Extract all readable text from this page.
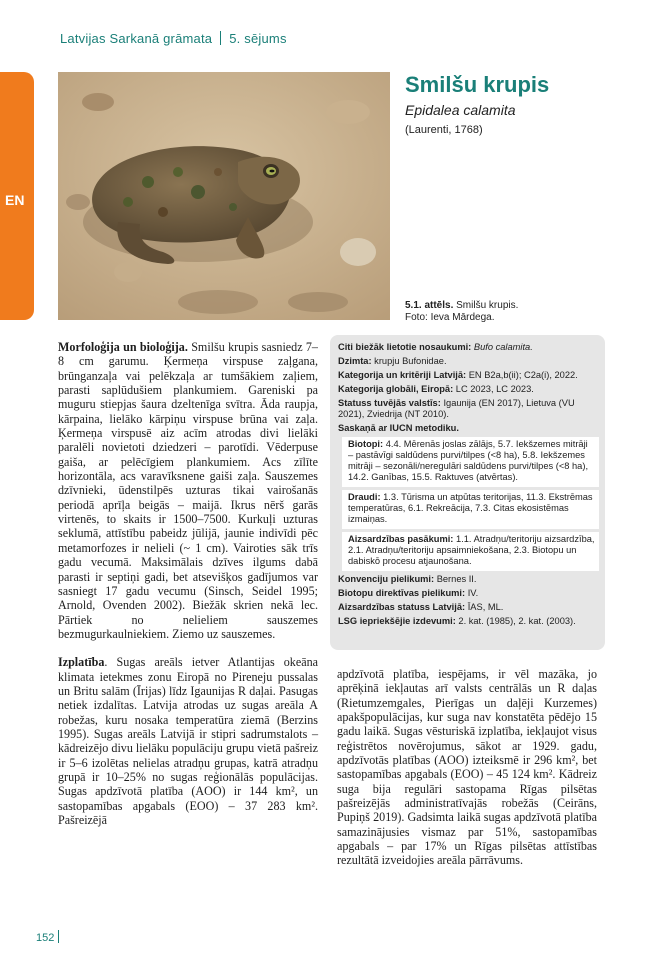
Latvijas Sarkanā grāmata 5. sējums
EN
Smilšu krupis
Epidalea calamita
(Laurenti, 1768)
5.1. attēls. Smilšu krupis.
Foto: Ieva Mārdega.

Morfoloģija un bioloģija. Smilšu krupis sasniedz 7–8 cm garumu. Ķermeņa virspuse zaļgana, brūnganzaļa vai pelēkzaļa ar tumšākiem zaļiem, parasti saplūdušiem plankumiem. Gareniski pa muguru stiepjas šaura dzeltenīga svītra. Āda raupja, kārpaina, lielāko kārpiņu virspuse brūna vai zaļa. Ķermeņa virspusē aiz acīm atrodas divi lielāki paralēli novietoti dziedzeri – parotīdi. Vēderpuse gaiša, ar pelēcīgiem plankumiem. Acs zīlīte horizontāla, acs varavīksnene gaiši zaļa. Sauszemes dzīvnieki, ūdenstilpēs uzturas tikai vairošanās periodā aprīļa beigās – maijā. Ikrus nērš garās virtenēs, to skaits ir 1500–7500. Kurkuļi uzturas seklumā, attīstību pabeidz jūlijā, jaunie indivīdi pēc metamorfozes ir nelieli (~ 1 cm). Vairoties sāk trīs gadu vecumā. Maksimālais dzīves ilgums dabā parasti ir septiņi gadi, bet atsevišķos gadījumos var sasniegt 17 gadu vecumu (Sinsch, Seidel 1995; Arnold, Ovenden 2002). Biežāk skrien nekā lec. Pārtiek no nelieliem sauszemes bezmugurkaulniekiem. Ziemo uz sauszemes.

Izplatība. Sugas areāls ietver Atlantijas okeāna klimata ietekmes zonu Eiropā no Pireneju pussalas un Britu salām (Īrijas) līdz Igaunijas R daļai. Pasugas netiek izdalītas. Latvija atrodas uz sugas areāla A robežas, kuru nosaka temperatūra ziemā (Berzins 1995). Sugas areāls Latvijā ir stipri sadrumstalots – kādreizējo divu lielāku populāciju grupu vietā pašreiz ir 5–6 izolētas nelielas atradņu grupas, katrā atradņu grupā ir 10–25% no sugas reģionālās populācijas. Sugas apdzīvotā platība (AOO) ir 144 km², un sastopamības apgabals (EOO) – 37 283 km². Pašreizējā

apdzīvotā platība, iespējams, ir vēl mazāka, jo aprēķinā iekļautas arī valsts centrālās un R daļas (Rietumzemgales, Pierīgas un daļēji Kurzemes) apakšpopulācijas, kur suga nav konstatēta pēdējo 15 gadu laikā. Sugas vēsturiskā izplatība, iekļaujot visus reģistrētos novērojumus, sākot ar 1929. gadu, apdzīvotās platības (AOO) izteiksmē ir 296 km², bet sastopamības apgabals (EOO) – 45 124 km². Kādreiz suga bija regulāri sastopama Rīgas pilsētas pašreizējās administratīvajās robežās (Ceirāns, Pupiņš 2019). Gadsimta laikā sugas apdzīvotā platība samazinājusies vismaz par 51%, sastopamības apgabals – par 17% un Rīgas pilsētas attīstības rezultātā izveidojies areāla pārrāvums.

Citi biežāk lietotie nosaukumi: Bufo calamita.
Dzimta: krupju Bufonidae.
Kategorija un kritēriji Latvijā: EN B2a,b(ii); C2a(i), 2022.
Kategorija globāli, Eiropā: LC 2023, LC 2023.
Statuss tuvējās valstīs: Igaunija (EN 2017), Lietuva (VU 2021), Zviedrija (NT 2010).
Saskaņā ar IUCN metodiku.
Biotopi: 4.4. Mērenās joslas zālājs, 5.7. Iekšzemes mitrāji – pastāvīgi saldūdens purvi/tilpes (<8 ha), 5.8. Iekšzemes mitrāji – sezonāli/neregulāri saldūdens purvi/tilpes (<8 ha), 14.2. Ganības, 15.5. Raktuves (atvērtas).
Draudi: 1.3. Tūrisma un atpūtas teritorijas, 11.3. Ekstrēmas temperatūras, 6.1. Rekreācija, 7.3. Citas ekosistēmas izmaiņas.
Aizsardzības pasākumi: 1.1. Atradņu/teritoriju aizsardzība, 2.1. Atradņu/teritoriju apsaimniekošana, 2.3. Biotopu un dabiskō procesu atjaunošana.
Konvenciju pielikumi: Bernes II.
Biotopu direktīvas pielikumi: IV.
Aizsardzības statuss Latvijā: ĪAS, ML.
LSG iepriekšējie izdevumi: 2. kat. (1985), 2. kat. (2003).
152
